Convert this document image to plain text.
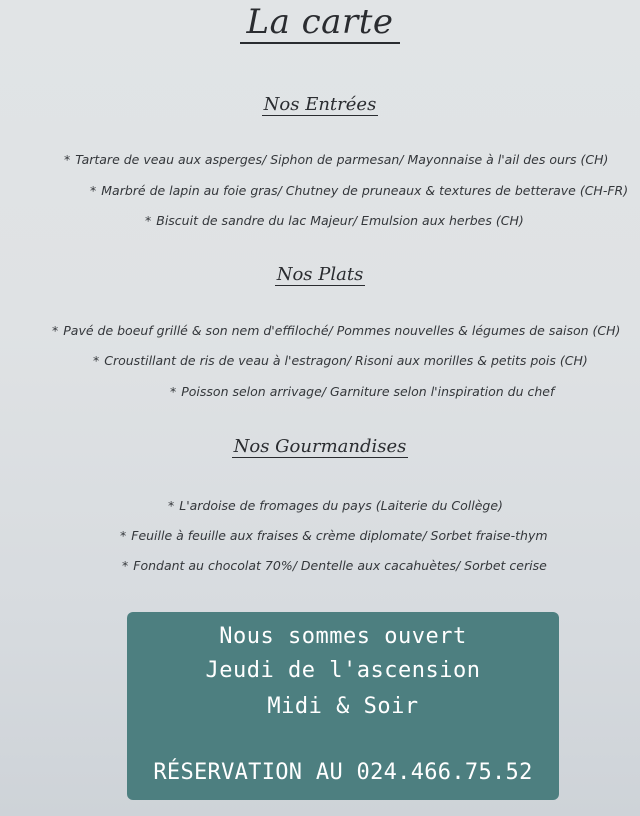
La carte
Nos Entrées
* Tartare de veau aux asperges/ Siphon de parmesan/ Mayonnaise à l'ail des ours (CH)
* Marbré de lapin au foie gras/ Chutney de pruneaux & textures de betterave (CH-FR)
* Biscuit de sandre du lac Majeur/ Emulsion aux herbes (CH)
Nos Plats
* Pavé de boeuf grillé & son nem d'effiloché/ Pommes nouvelles & légumes de saison (CH)
* Croustillant de ris de veau à l'estragon/ Risoni aux morilles & petits pois (CH)
* Poisson selon arrivage/ Garniture selon l'inspiration du chef
Nos Gourmandises
* L'ardoise de fromages du pays (Laiterie du Collège)
* Feuille à feuille aux fraises & crème diplomate/ Sorbet fraise-thym
* Fondant au chocolat 70%/ Dentelle aux cacahuètes/ Sorbet cerise
Nous sommes ouvert
Jeudi de l'ascension
Midi & Soir
RÉSERVATION AU 024.466.75.52
